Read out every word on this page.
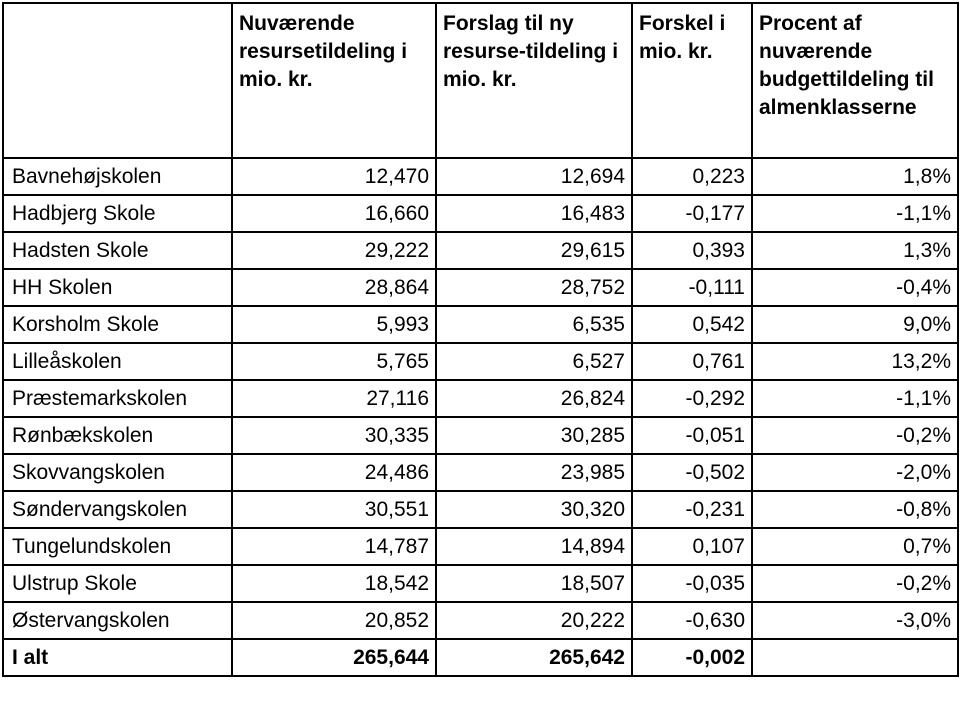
	Nuværende resursetildeling i mio. kr.	Forslag til ny resurse-tildeling i mio. kr.	Forskel i mio. kr.	Procent af nuværende budgettildeling til almenklasserne
Bavnehøjskolen	12,470	12,694	0,223	1,8%
Hadbjerg Skole	16,660	16,483	-0,177	-1,1%
Hadsten Skole	29,222	29,615	0,393	1,3%
HH Skolen	28,864	28,752	-0,111	-0,4%
Korsholm Skole	5,993	6,535	0,542	9,0%
Lilleåskolen	5,765	6,527	0,761	13,2%
Præstemarkskolen	27,116	26,824	-0,292	-1,1%
Rønbækskolen	30,335	30,285	-0,051	-0,2%
Skovvangskolen	24,486	23,985	-0,502	-2,0%
Søndervangskolen	30,551	30,320	-0,231	-0,8%
Tungelundskolen	14,787	14,894	0,107	0,7%
Ulstrup Skole	18,542	18,507	-0,035	-0,2%
Østervangskolen	20,852	20,222	-0,630	-3,0%
I alt	265,644	265,642	-0,002	
